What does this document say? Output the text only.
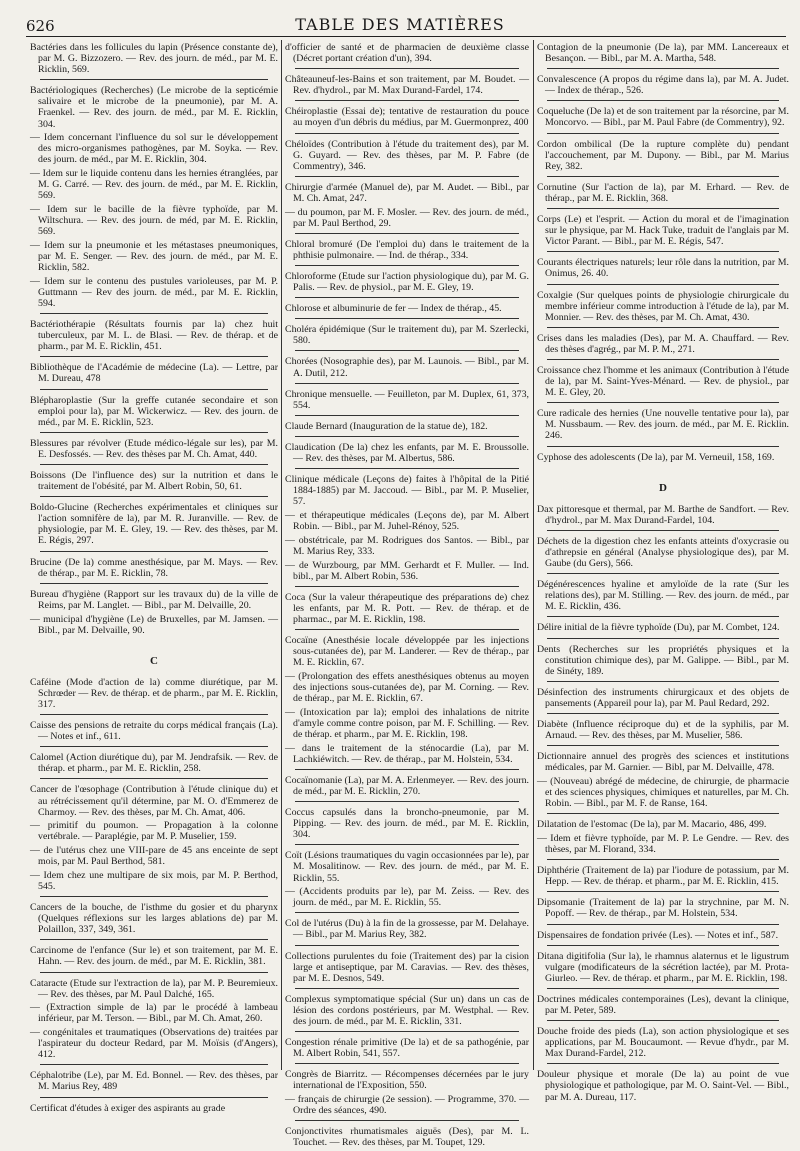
626	TABLE DES MATIÈRES
Bactéries dans les follicules du lapin (Présence constante de), par M. G. Bizzozero. — Rev. des journ. de méd., par M. E. Ricklin, 569.
Bactériologiques (Recherches) (Le microbe de la septicémie salivaire et le microbe de la pneumonie), par M. A. Fraenkel. — Rev. des journ. de méd., par M. E. Ricklin, 304.
— Idem concernant l'influence du sol sur le développement des micro-organismes pathogènes, par M. Soyka. — Rev. des journ. de méd., par M. E. Ricklin, 304.
— Idem sur le liquide contenu dans les hernies étranglées, par M. G. Carré. — Rev. des journ. de méd., par M. E. Ricklin, 569.
— Idem sur le bacille de la fièvre typhoïde, par M. Wiltschura. — Rev. des journ. de méd, par M. E. Ricklin, 569.
— Idem sur la pneumonie et les métastases pneumoniques, par M. E. Senger. — Rev. des journ. de méd., par M. E. Ricklin, 582.
— Idem sur le contenu des pustules varioleuses, par M. P. Guttmann — Rev des journ. de méd., par M. E. Ricklin, 594.
Bactériothérapie (Résultats fournis par la) chez huit tuberculeux, par M. L. de Blasi. — Rev. de thérap. et de pharm., par M. E. Ricklin, 451.
Bibliothèque de l'Académie de médecine (La). — Lettre, par M. Dureau, 478
Blépharoplastie (Sur la greffe cutanée secondaire et son emploi pour la), par M. Wickerwicz. — Rev. des journ. de méd., par M. E. Ricklin, 523.
Blessures par révolver (Etude médico-légale sur les), par M. E. Desfossés. — Rev. des thèses par M. Ch. Amat, 440.
Boissons (De l'influence des) sur la nutrition et dans le traitement de l'obésité, par M. Albert Robin, 50, 61.
Boldo-Glucine (Recherches expérimentales et cliniques sur l'action somnifère de la), par M. R. Juranville. — Rev. de physiologie, par M. E. Gley, 19. — Rev. des thèses, par M. E. Régis, 297.
Brucine (De la) comme anesthésique, par M. Mays. — Rev. de thérap., par M. E. Ricklin, 78.
Bureau d'hygiène (Rapport sur les travaux du) de la ville de Reims, par M. Langlet. — Bibl., par M. Delvaille, 20.
— municipal d'hygiène (Le) de Bruxelles, par M. Jamsen. — Bibl., par M. Delvaille, 90.
C
Caféine (Mode d'action de la) comme diurétique, par M. Schrœder — Rev. de thérap. et de pharm., par M. E. Ricklin, 317.
Caisse des pensions de retraite du corps médical français (La). — Notes et inf., 611.
Calomel (Action diurétique du), par M. Jendrafsik. — Rev. de thérap. et pharm., par M. E. Ricklin, 258.
Cancer de l'œsophage (Contribution à l'étude clinique du) et au rétrécissement qu'il détermine, par M. O. d'Emmerez de Charmoy. — Rev. des thèses, par M. Ch. Amat, 406.
— primitif du poumon. — Propagation à la colonne vertébrale. — Paraplégie, par M. P. Muselier, 159.
— de l'utérus chez une VIII-pare de 45 ans enceinte de sept mois, par M. Paul Berthod, 581.
— Idem chez une multipare de six mois, par M. P. Berthod, 545.
Cancers de la bouche, de l'isthme du gosier et du pharynx (Quelques réflexions sur les larges ablations de) par M. Polaillon, 337, 349, 361.
Carcinome de l'enfance (Sur le) et son traitement, par M. E. Hahn. — Rev. des journ. de méd., par M. E. Ricklin, 381.
Cataracte (Etude sur l'extraction de la), par M. P. Beuremieux. — Rev. des thèses, par M. Paul Dalché, 165.
— (Extraction simple de la) par le procédé à lambeau inférieur, par M. Terson. — Bibl., par M. Ch. Amat, 260.
— congénitales et traumatiques (Observations de) traitées par l'aspirateur du docteur Redard, par M. Moïsis (d'Angers), 412.
Céphalotribe (Le), par M. Ed. Bonnel. — Rev. des thèses, par M. Marius Rey, 489
Certificat d'études à exiger des aspirants au grade
d'officier de santé et de pharmacien de deuxième classe (Décret portant création d'un), 394.
Châteauneuf-les-Bains et son traitement, par M. Boudet. — Rev. d'hydrol., par M. Max Durand-Fardel, 174.
Chéiroplastie (Essai de); tentative de restauration du pouce au moyen d'un débris du médius, par M. Guermonprez, 400
Chéloïdes (Contribution à l'étude du traitement des), par M. G. Guyard. — Rev. des thèses, par M. P. Fabre (de Commentry), 346.
Chirurgie d'armée (Manuel de), par M. Audet. — Bibl., par M. Ch. Amat, 247.
— du poumon, par M. F. Mosler. — Rev. des journ. de méd., par M. Paul Berthod, 29.
Chloral bromuré (De l'emploi du) dans le traitement de la phthisie pulmonaire. — Ind. de thérap., 334.
Chloroforme (Etude sur l'action physiologique du), par M. G. Palis. — Rev. de physiol., par M. E. Gley, 19.
Chlorose et albuminurie de fer — Index de thérap., 45.
Choléra épidémique (Sur le traitement du), par M. Szerlecki, 580.
Chorées (Nosographie des), par M. Launois. — Bibl., par M. A. Dutil, 212.
Chronique mensuelle. — Feuilleton, par M. Duplex, 61, 373, 554.
Claude Bernard (Inauguration de la statue de), 182.
Claudication (De la) chez les enfants, par M. E. Broussolle. — Rev. des thèses, par M. Albertus, 586.
Clinique médicale (Leçons de) faites à l'hôpital de la Pitié 1884-1885) par M. Jaccoud. — Bibl., par M. P. Muselier, 57.
— et thérapeutique médicales (Leçons de), par M. Albert Robin. — Bibl., par M. Juhel-Rénoy, 525.
— obstétricale, par M. Rodrigues dos Santos. — Bibl., par M. Marius Rey, 333.
— de Wurzbourg, par MM. Gerhardt et F. Muller. — Ind. bibl., par M. Albert Robin, 536.
Coca (Sur la valeur thérapeutique des préparations de) chez les enfants, par M. R. Pott. — Rev. de thérap. et de pharmac., par M. E. Ricklin, 198.
Cocaïne (Anesthésie locale développée par les injections sous-cutanées de), par M. Landerer. — Rev de thérap., par M. E. Ricklin, 67.
— (Prolongation des effets anesthésiques obtenus au moyen des injections sous-cutanées de), par M. Corning. — Rev. de thérap., par M. E. Ricklin, 67.
— (Intoxication par la); emploi des inhalations de nitrite d'amyle comme contre poison, par M. F. Schilling. — Rev. de thérap. et pharm., par M. E. Ricklin, 198.
— dans le traitement de la sténocardie (La), par M. Lachkiéwitch. — Rev. de thérap., par M. Holstein, 534.
Cocaïnomanie (La), par M. A. Erlenmeyer. — Rev. des journ. de méd., par M. E. Ricklin, 270.
Coccus capsulés dans la broncho-pneumonie, par M. Pipping. — Rev. des journ. de méd., par M. E. Ricklin, 304.
Coït (Lésions traumatiques du vagin occasionnées par le), par M. Mosalitinow. — Rev. des journ. de méd., par M. E. Ricklin, 55.
— (Accidents produits par le), par M. Zeiss. — Rev. des journ. de méd., par M. E. Ricklin, 55.
Col de l'utérus (Du) à la fin de la grossesse, par M. Delahaye. — Bibl., par M. Marius Rey, 382.
Collections purulentes du foie (Traitement des) par la cision large et antiseptique, par M. Caravias. — Rev. des thèses, par M. E. Desnos, 549.
Complexus symptomatique spécial (Sur un) dans un cas de lésion des cordons postérieurs, par M. Westphal. — Rev. des journ. de méd., par M. E. Ricklin, 331.
Congestion rénale primitive (De la) et de sa pathogénie, par M. Albert Robin, 541, 557.
Congrès de Biarritz. — Récompenses décernées par le jury international de l'Exposition, 550.
— français de chirurgie (2e session). — Programme, 370. — Ordre des séances, 490.
Conjonctivites rhumatismales aiguës (Des), par M. L. Touchet. — Rev. des thèses, par M. Toupet, 129.
Contagion de la pneumonie (De la), par MM. Lancereaux et Besançon. — Bibl., par M. A. Martha, 548.
Convalescence (A propos du régime dans la), par M. A. Judet. — Index de thérap., 526.
Coqueluche (De la) et de son traitement par la résorcine, par M. Moncorvo. — Bibl., par M. Paul Fabre (de Commentry), 92.
Cordon ombilical (De la rupture complète du) pendant l'accouchement, par M. Dupony. — Bibl., par M. Marius Rey, 382.
Cornutine (Sur l'action de la), par M. Erhard. — Rev. de thérap., par M. E. Ricklin, 368.
Corps (Le) et l'esprit. — Action du moral et de l'imagination sur le physique, par M. Hack Tuke, traduit de l'anglais par M. Victor Parant. — Bibl., par M. E. Régis, 547.
Courants électriques naturels; leur rôle dans la nutrition, par M. Onimus, 26. 40.
Coxalgie (Sur quelques points de physiologie chirurgicale du membre inférieur comme introduction à l'étude de la), par M. Monnier. — Rev. des thèses, par M. Ch. Amat, 430.
Crises dans les maladies (Des), par M. A. Chauffard. — Rev. des thèses d'agrég., par M. P. M., 271.
Croissance chez l'homme et les animaux (Contribution à l'étude de la), par M. Saint-Yves-Ménard. — Rev. de physiol., par M. E. Gley, 20.
Cure radicale des hernies (Une nouvelle tentative pour la), par M. Nussbaum. — Rev. des journ. de méd., par M. E. Ricklin. 246.
Cyphose des adolescents (De la), par M. Verneuil, 158, 169.
D
Dax pittoresque et thermal, par M. Barthe de Sandfort. — Rev. d'hydrol., par M. Max Durand-Fardel, 104.
Déchets de la digestion chez les enfants atteints d'oxycrasie ou d'athrepsie en général (Analyse physiologique des), par M. Gaube (du Gers), 566.
Dégénérescences hyaline et amyloïde de la rate (Sur les relations des), par M. Stilling. — Rev. des journ. de méd., par M. E. Ricklin, 436.
Délire initial de la fièvre typhoïde (Du), par M. Combet, 124.
Dents (Recherches sur les propriétés physiques et la constitution chimique des), par M. Galippe. — Bibl., par M. de Sinéty, 189.
Désinfection des instruments chirurgicaux et des objets de pansements (Appareil pour la), par M. Paul Redard, 292.
Diabète (Influence réciproque du) et de la syphilis, par M. Arnaud. — Rev. des thèses, par M. Muselier, 586.
Dictionnaire annuel des progrès des sciences et institutions médicales, par M. Garnier. — Bibl, par M. Delvaille, 478.
— (Nouveau) abrégé de médecine, de chirurgie, de pharmacie et des sciences physiques, chimiques et naturelles, par M. Ch. Robin. — Bibl., par M. F. de Ranse, 164.
Dilatation de l'estomac (De la), par M. Macario, 486, 499.
— Idem et fièvre typhoïde, par M. P. Le Gendre. — Rev. des thèses, par M. Florand, 334.
Diphthérie (Traitement de la) par l'iodure de potassium, par M. Hepp. — Rev. de thérap. et pharm., par M. E. Ricklin, 415.
Dipsomanie (Traitement de la) par la strychnine, par M. N. Popoff. — Rev. de thérap., par M. Holstein, 534.
Dispensaires de fondation privée (Les). — Notes et inf., 587.
Ditana digitifolia (Sur la), le rhamnus alaternus et le ligustrum vulgare (modificateurs de la sécrétion lactée), par M. Prota-Giurleo. — Rev. de thérap. et pharm., par M. E. Ricklin, 198.
Doctrines médicales contemporaines (Les), devant la clinique, par M. Peter, 589.
Douche froide des pieds (La), son action physiologique et ses applications, par M. Boucaumont. — Revue d'hydr., par M. Max Durand-Fardel, 212.
Douleur physique et morale (De la) au point de vue physiologique et pathologique, par M. O. Saint-Vel. — Bibl., par M. A. Dureau, 117.
